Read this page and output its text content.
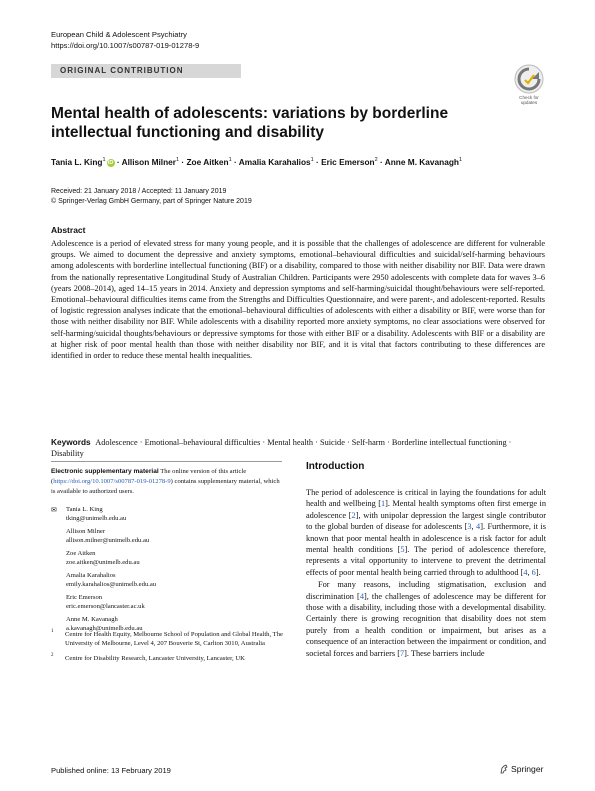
European Child & Adolescent Psychiatry
https://doi.org/10.1007/s00787-019-01278-9
ORIGINAL CONTRIBUTION
Check for
updates
Mental health of adolescents: variations by borderline intellectual functioning and disability
Tania L. King$^1$ iD · Allison Milner$^1$ · Zoe Aitken$^1$ · Amalia Karahalios$^1$ · Eric Emerson$^2$ · Anne M. Kavanagh$^1$
Received: 21 January 2018 / Accepted: 11 January 2019
© Springer-Verlag GmbH Germany, part of Springer Nature 2019
Abstract
Adolescence is a period of elevated stress for many young people, and it is possible that the challenges of adolescence are different for vulnerable groups. We aimed to document the depressive and anxiety symptoms, emotional–behavioural difficulties and suicidal/self-harming behaviours among adolescents with borderline intellectual functioning (BIF) or a disability, compared to those with neither disability nor BIF. Data were drawn from the nationally representative Longitudinal Study of Australian Children. Participants were 2950 adolescents with complete data for waves 3–6 (years 2008–2014), aged 14–15 years in 2014. Anxiety and depression symptoms and self-harming/suicidal thought/behaviours were self-reported. Emotional–behavioural difficulties items came from the Strengths and Difficulties Questionnaire, and were parent-, and adolescent-reported. Results of logistic regression analyses indicate that the emotional–behavioural difficulties of adolescents with either a disability or BIF, were worse than for those with neither disability nor BIF. While adolescents with a disability reported more anxiety symptoms, no clear associations were observed for self-harming/suicidal thoughts/behaviours or depressive symptoms for those with either BIF or a disability. Adolescents with BIF or a disability are at higher risk of poor mental health than those with neither disability nor BIF, and it is vital that factors contributing to these differences are identified in order to reduce these mental health inequalities.
Keywords Adolescence · Emotional–behavioural difficulties · Mental health · Suicide · Self-harm · Borderline intellectual functioning · Disability
Electronic supplementary material The online version of this article (https://doi.org/10.1007/s00787-019-01278-9) contains supplementary material, which is available to authorized users.
✉ Tania L. King
tking@unimelb.edu.au
Allison Milner
allison.milner@unimelb.edu.au
Zoe Aitken
zoe.aitken@unimelb.edu.au
Amalia Karahalios
emily.karahalios@unimelb.edu.au
Eric Emerson
eric.emerson@lancaster.ac.uk
Anne M. Kavanagh
a.kavanagh@unimelb.edu.au
1 Centre for Health Equity, Melbourne School of Population and Global Health, The University of Melbourne, Level 4, 207 Bouverie St, Carlton 3010, Australia
2 Centre for Disability Research, Lancaster University, Lancaster, UK
Introduction

The period of adolescence is critical in laying the foundations for adult health and wellbeing [1]. Mental health symptoms often first emerge in adolescence [2], with unipolar depression the largest single contributor to the global burden of disease for adolescents [3, 4]. Furthermore, it is known that poor mental health in adolescence is a risk factor for adult mental health conditions [5]. The period of adolescence therefore, represents a vital opportunity to intervene to prevent the detrimental effects of poor mental health being carried through to adulthood [4, 6].

For many reasons, including stigmatisation, exclusion and discrimination [4], the challenges of adolescence may be different for those with a disability, including those with a developmental disability. Certainly there is growing recognition that disability does not stem purely from a health condition or impairment, but arises as a consequence of an interaction between the impairment or condition, and societal forces and barriers [7]. These barriers include

Published online: 13 February 2019	Springer
